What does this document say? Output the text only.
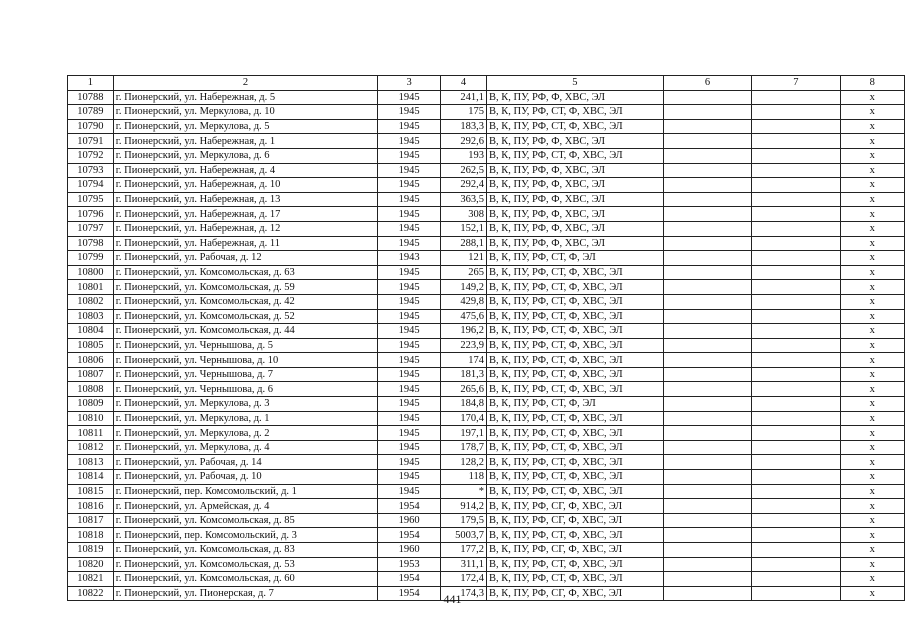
1	2	3	4	5	6	7	8
10788	г. Пионерский, ул. Набережная, д. 5	1945	241,1	В, К, ПУ, РФ, Ф, ХВС, ЭЛ			х
10789	г. Пионерский, ул. Меркулова, д. 10	1945	175	В, К, ПУ, РФ, СТ, Ф, ХВС, ЭЛ			х
10790	г. Пионерский, ул. Меркулова, д. 5	1945	183,3	В, К, ПУ, РФ, СТ, Ф, ХВС, ЭЛ			х
10791	г. Пионерский, ул. Набережная, д. 1	1945	292,6	В, К, ПУ, РФ, Ф, ХВС, ЭЛ			х
10792	г. Пионерский, ул. Меркулова, д. 6	1945	193	В, К, ПУ, РФ, СТ, Ф, ХВС, ЭЛ			х
10793	г. Пионерский, ул. Набережная, д. 4	1945	262,5	В, К, ПУ, РФ, Ф, ХВС, ЭЛ			х
10794	г. Пионерский, ул. Набережная, д. 10	1945	292,4	В, К, ПУ, РФ, Ф, ХВС, ЭЛ			х
10795	г. Пионерский, ул. Набережная, д. 13	1945	363,5	В, К, ПУ, РФ, Ф, ХВС, ЭЛ			х
10796	г. Пионерский, ул. Набережная, д. 17	1945	308	В, К, ПУ, РФ, Ф, ХВС, ЭЛ			х
10797	г. Пионерский, ул. Набережная, д. 12	1945	152,1	В, К, ПУ, РФ, Ф, ХВС, ЭЛ			х
10798	г. Пионерский, ул. Набережная, д. 11	1945	288,1	В, К, ПУ, РФ, Ф, ХВС, ЭЛ			х
10799	г. Пионерский, ул. Рабочая, д. 12	1943	121	В, К, ПУ, РФ, СТ, Ф, ЭЛ			х
10800	г. Пионерский, ул. Комсомольская, д. 63	1945	265	В, К, ПУ, РФ, СТ, Ф, ХВС, ЭЛ			х
10801	г. Пионерский, ул. Комсомольская, д. 59	1945	149,2	В, К, ПУ, РФ, СТ, Ф, ХВС, ЭЛ			х
10802	г. Пионерский, ул. Комсомольская, д. 42	1945	429,8	В, К, ПУ, РФ, СТ, Ф, ХВС, ЭЛ			х
10803	г. Пионерский, ул. Комсомольская, д. 52	1945	475,6	В, К, ПУ, РФ, СТ, Ф, ХВС, ЭЛ			х
10804	г. Пионерский, ул. Комсомольская, д. 44	1945	196,2	В, К, ПУ, РФ, СТ, Ф, ХВС, ЭЛ			х
10805	г. Пионерский, ул. Чернышова, д. 5	1945	223,9	В, К, ПУ, РФ, СТ, Ф, ХВС, ЭЛ			х
10806	г. Пионерский, ул. Чернышова, д. 10	1945	174	В, К, ПУ, РФ, СТ, Ф, ХВС, ЭЛ			х
10807	г. Пионерский, ул. Чернышова, д. 7	1945	181,3	В, К, ПУ, РФ, СТ, Ф, ХВС, ЭЛ			х
10808	г. Пионерский, ул. Чернышова, д. 6	1945	265,6	В, К, ПУ, РФ, СТ, Ф, ХВС, ЭЛ			х
10809	г. Пионерский, ул. Меркулова, д. 3	1945	184,8	В, К, ПУ, РФ, СТ, Ф, ЭЛ			х
10810	г. Пионерский, ул. Меркулова, д. 1	1945	170,4	В, К, ПУ, РФ, СТ, Ф, ХВС, ЭЛ			х
10811	г. Пионерский, ул. Меркулова, д. 2	1945	197,1	В, К, ПУ, РФ, СТ, Ф, ХВС, ЭЛ			х
10812	г. Пионерский, ул. Меркулова, д. 4	1945	178,7	В, К, ПУ, РФ, СТ, Ф, ХВС, ЭЛ			х
10813	г. Пионерский, ул. Рабочая, д. 14	1945	128,2	В, К, ПУ, РФ, СТ, Ф, ХВС, ЭЛ			х
10814	г. Пионерский, ул. Рабочая, д. 10	1945	118	В, К, ПУ, РФ, СТ, Ф, ХВС, ЭЛ			х
10815	г. Пионерский, пер. Комсомольский, д. 1	1945	*	В, К, ПУ, РФ, СТ, Ф, ХВС, ЭЛ			х
10816	г. Пионерский, ул. Армейская, д. 4	1954	914,2	В, К, ПУ, РФ, СГ, Ф, ХВС, ЭЛ			х
10817	г. Пионерский, ул. Комсомольская, д. 85	1960	179,5	В, К, ПУ, РФ, СГ, Ф, ХВС, ЭЛ			х
10818	г. Пионерский, пер. Комсомольский, д. 3	1954	5003,7	В, К, ПУ, РФ, СТ, Ф, ХВС, ЭЛ			х
10819	г. Пионерский, ул. Комсомольская, д. 83	1960	177,2	В, К, ПУ, РФ, СГ, Ф, ХВС, ЭЛ			х
10820	г. Пионерский, ул. Комсомольская, д. 53	1953	311,1	В, К, ПУ, РФ, СТ, Ф, ХВС, ЭЛ			х
10821	г. Пионерский, ул. Комсомольская, д. 60	1954	172,4	В, К, ПУ, РФ, СТ, Ф, ХВС, ЭЛ			х
10822	г. Пионерский, ул. Пионерская, д. 7	1954	174,3	В, К, ПУ, РФ, СГ, Ф, ХВС, ЭЛ			х
441
